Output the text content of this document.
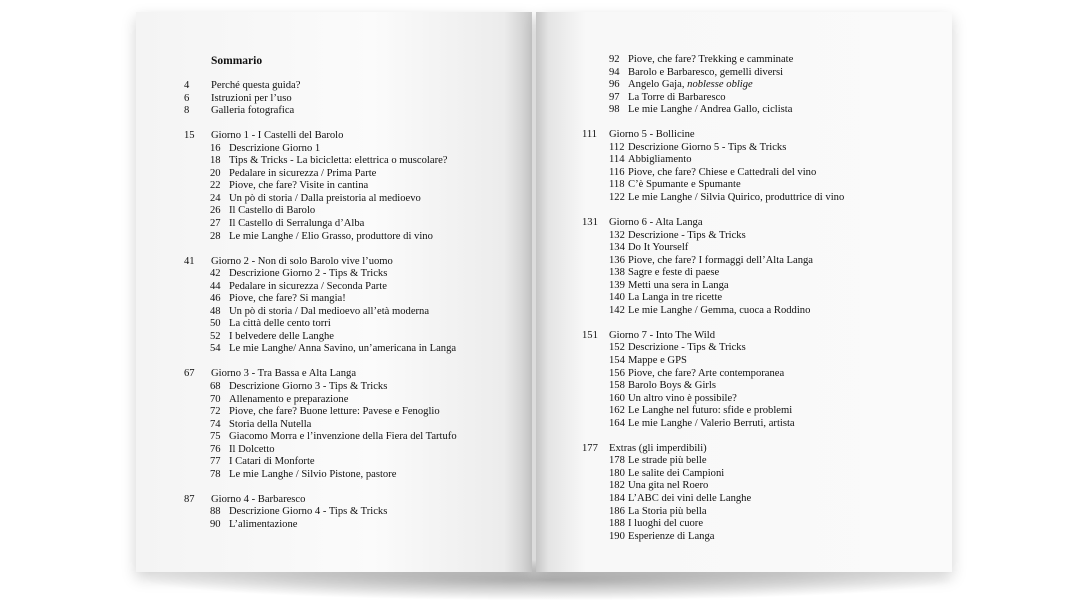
Sommario
4	Perché questa guida?
6	Istruzioni per l’uso
8	Galleria fotografica
15	Giorno 1 - I Castelli del Barolo
16 Descrizione Giorno 1
18 Tips & Tricks - La bicicletta: elettrica o muscolare?
20 Pedalare in sicurezza / Prima Parte
22 Piove, che fare? Visite in cantina
24 Un pò di storia / Dalla preistoria al medioevo
26 Il Castello di Barolo
27 Il Castello di Serralunga d’Alba
28 Le mie Langhe / Elio Grasso, produttore di vino
41	Giorno 2 - Non di solo Barolo vive l’uomo
42 Descrizione Giorno 2 - Tips & Tricks
44 Pedalare in sicurezza / Seconda Parte
46 Piove, che fare? Si mangia!
48 Un pò di storia / Dal medioevo all’età moderna
50 La città delle cento torri
52 I belvedere delle Langhe
54 Le mie Langhe/ Anna Savino, un’americana in Langa
67	Giorno 3 - Tra Bassa e Alta Langa
68 Descrizione Giorno 3 - Tips & Tricks
70 Allenamento e preparazione
72 Piove, che fare? Buone letture: Pavese e Fenoglio
74 Storia della Nutella
75 Giacomo Morra e l’invenzione della Fiera del Tartufo
76 Il Dolcetto
77 I Catari di Monforte
78 Le mie Langhe / Silvio Pistone, pastore
87	Giorno 4 - Barbaresco
88 Descrizione Giorno 4 - Tips & Tricks
90 L’alimentazione
92 Piove, che fare? Trekking e camminate
94 Barolo e Barbaresco, gemelli diversi
96 Angelo Gaja, noblesse oblige
97 La Torre di Barbaresco
98 Le mie Langhe / Andrea Gallo, ciclista
111	Giorno 5 - Bollicine
112 Descrizione Giorno 5 - Tips & Tricks
114 Abbigliamento
116 Piove, che fare? Chiese e Cattedrali del vino
118 C’è Spumante e Spumante
122 Le mie Langhe / Silvia Quirico, produttrice di vino
131	Giorno 6 - Alta Langa
132 Descrizione - Tips & Tricks
134 Do It Yourself
136 Piove, che fare? I formaggi dell’Alta Langa
138 Sagre e feste di paese
139 Metti una sera in Langa
140 La Langa in tre ricette
142 Le mie Langhe / Gemma, cuoca a Roddino
151	Giorno 7 - Into The Wild
152 Descrizione - Tips & Tricks
154 Mappe e GPS
156 Piove, che fare? Arte contemporanea
158 Barolo Boys & Girls
160 Un altro vino è possibile?
162 Le Langhe nel futuro: sfide e problemi
164 Le mie Langhe / Valerio Berruti, artista
177	Extras (gli imperdibili)
178 Le strade più belle
180 Le salite dei Campioni
182 Una gita nel Roero
184 L’ABC dei vini delle Langhe
186 La Storia più bella
188 I luoghi del cuore
190 Esperienze di Langa
